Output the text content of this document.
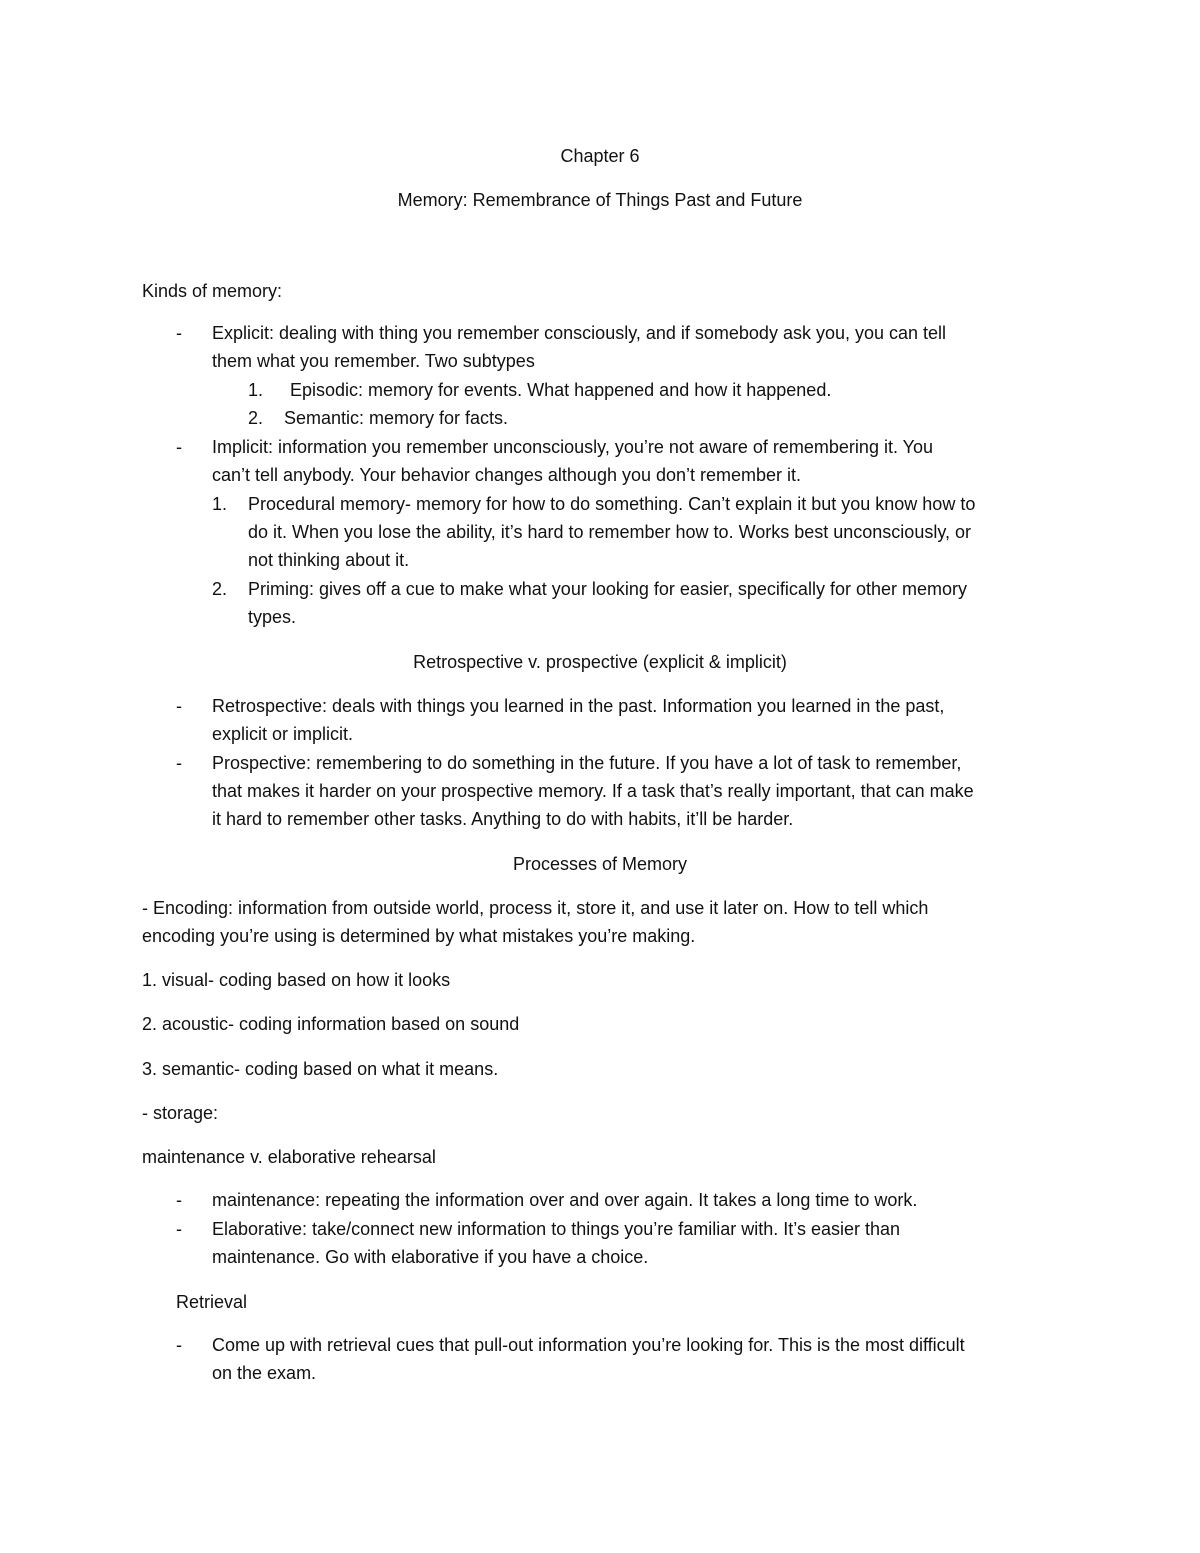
Chapter 6
Memory: Remembrance of Things Past and Future
Kinds of memory:
- Explicit: dealing with thing you remember consciously, and if somebody ask you, you can tell
them what you remember. Two subtypes
1. Episodic: memory for events. What happened and how it happened.
2. Semantic: memory for facts.
- Implicit: information you remember unconsciously, you’re not aware of remembering it. You
can’t tell anybody. Your behavior changes although you don’t remember it.
1. Procedural memory- memory for how to do something. Can’t explain it but you know how to
do it. When you lose the ability, it’s hard to remember how to. Works best unconsciously, or
not thinking about it.
2. Priming: gives off a cue to make what your looking for easier, specifically for other memory
types.
Retrospective v. prospective (explicit & implicit)
- Retrospective: deals with things you learned in the past. Information you learned in the past,
explicit or implicit.
- Prospective: remembering to do something in the future. If you have a lot of task to remember,
that makes it harder on your prospective memory. If a task that’s really important, that can make
it hard to remember other tasks. Anything to do with habits, it’ll be harder.
Processes of Memory
- Encoding: information from outside world, process it, store it, and use it later on. How to tell which
encoding you’re using is determined by what mistakes you’re making.
1. visual- coding based on how it looks
2. acoustic- coding information based on sound
3. semantic- coding based on what it means.
- storage:
maintenance v. elaborative rehearsal
- maintenance: repeating the information over and over again. It takes a long time to work.
- Elaborative: take/connect new information to things you’re familiar with. It’s easier than
maintenance. Go with elaborative if you have a choice.
Retrieval
- Come up with retrieval cues that pull-out information you’re looking for. This is the most difficult
on the exam.
